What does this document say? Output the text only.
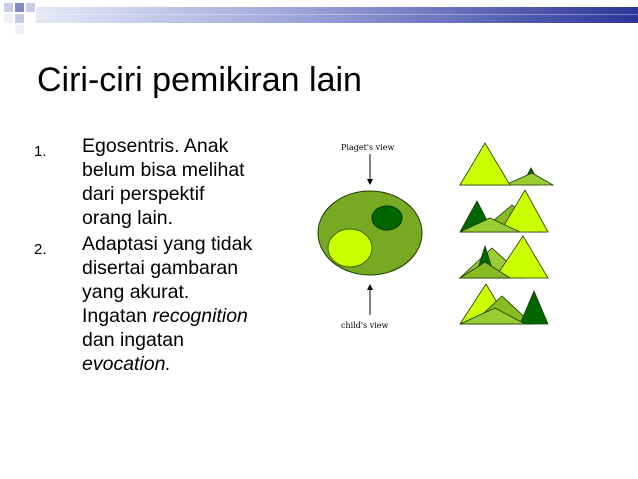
Ciri-ciri pemikiran lain
1. Egosentris. Anak
belum bisa melihat
dari perspektif
orang lain.
2. Adaptasi yang tidak
disertai gambaran
yang akurat.
Ingatan recognition
dan ingatan
evocation.
Piaget's view
child's view
